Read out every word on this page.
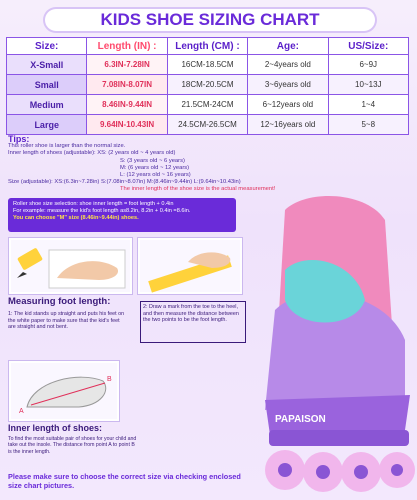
KIDS SHOE SIZING CHART
Size:	Length (IN) :	Length (CM) :	Age:	US/Size:
X-Small	6.3IN-7.28IN	16CM-18.5CM	2~4years old	6~9J
Small	7.08IN-8.07IN	18CM-20.5CM	3~6years old	10~13J
Medium	8.46IN-9.44IN	21.5CM-24CM	6~12years old	1~4
Large	9.64IN-10.43IN	24.5CM-26.5CM	12~16years old	5~8
Tips:
This roller shoe is larger than the normal size.
Inner length of shoes (adjustable): XS: (2 years old ~ 4 years old)
S: (3 years old ~ 6 years)
M: (6 years old ~ 12 years)
L: (12 years old ~ 16 years)
Size (adjustable): XS:(6.3in~7.28in) S:(7.08in~8.07in) M:(8.46in~9.44in) L:(9.64in~10.43in)
The inner length of the shoe size is the actual measurement!
Roller shoe size selection: shoe inner length = foot length + 0.4in
For example: measure the kid's foot length as8.2in, 8.2in + 0.4in =8.6in.
You can choose "M" size (8.46in~9.44in) shoes.
Measuring foot length:
1: The kid stands up straight and puts his feet on the white paper to make sure that the kid's feet are straight and not bent.
2: Draw a mark from the toe to the heel, and then measure the distance between the two points to be the foot length.
A
B
Inner length of shoes:
To find the most suitable pair of shoes for your child and take out the insole. The distance from point A to point B is the inner length.
Please make sure to choose the correct size via checking enclosed size chart pictures.
PAPAISON
